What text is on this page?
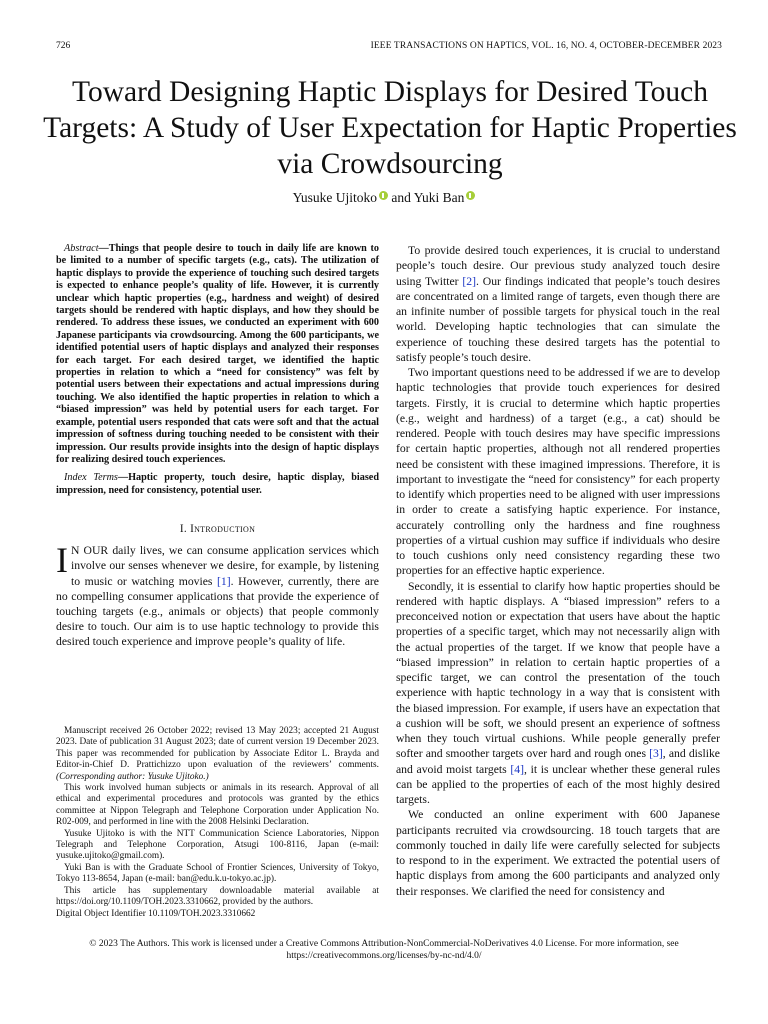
726	IEEE TRANSACTIONS ON HAPTICS, VOL. 16, NO. 4, OCTOBER-DECEMBER 2023
Toward Designing Haptic Displays for Desired Touch Targets: A Study of User Expectation for Haptic Properties via Crowdsourcing
Yusuke Ujitoko and Yuki Ban

Abstract—Things that people desire to touch in daily life are known to be limited to a number of specific targets (e.g., cats). The utilization of haptic displays to provide the experience of touching such desired targets is expected to enhance people’s quality of life. However, it is currently unclear which haptic properties (e.g., hardness and weight) of desired targets should be rendered with haptic displays, and how they should be rendered. To address these issues, we conducted an experiment with 600 Japanese participants via crowdsourcing. Among the 600 participants, we identified potential users of haptic displays and analyzed their responses for each target. For each desired target, we identified the haptic properties in relation to which a “need for consistency” was felt by potential users between their expectations and actual impressions during touching. We also identified the haptic properties in relation to which a “biased impression” was held by potential users for each target. For example, potential users responded that cats were soft and that the actual impression of softness during touching needed to be consistent with their impression. Our results provide insights into the design of haptic displays for realizing desired touch experiences.

Index Terms—Haptic property, touch desire, haptic display, biased impression, need for consistency, potential user.

I. Introduction

I N OUR daily lives, we can consume application services which involve our senses whenever we desire, for example, by listening to music or watching movies [1]. However, currently, there are no compelling consumer applications that provide the experience of touching targets (e.g., animals or objects) that people commonly desire to touch. Our aim is to use haptic technology to provide this desired touch experience and improve people’s quality of life.

Manuscript received 26 October 2022; revised 13 May 2023; accepted 21 August 2023. Date of publication 31 August 2023; date of current version 19 December 2023. This paper was recommended for publication by Associate Editor L. Brayda and Editor-in-Chief D. Prattichizzo upon evaluation of the reviewers’ comments. (Corresponding author: Yusuke Ujitoko.)

This work involved human subjects or animals in its research. Approval of all ethical and experimental procedures and protocols was granted by the ethics committee at Nippon Telegraph and Telephone Corporation under Application No. R02-009, and performed in line with the 2008 Helsinki Declaration.

Yusuke Ujitoko is with the NTT Communication Science Laboratories, Nippon Telegraph and Telephone Corporation, Atsugi 100-8116, Japan (e-mail: yusuke.ujitoko@gmail.com).

Yuki Ban is with the Graduate School of Frontier Sciences, University of Tokyo, Tokyo 113-8654, Japan (e-mail: ban@edu.k.u-tokyo.ac.jp).

This article has supplementary downloadable material available at https://doi.org/10.1109/TOH.2023.3310662, provided by the authors.

Digital Object Identifier 10.1109/TOH.2023.3310662

To provide desired touch experiences, it is crucial to understand people’s touch desire. Our previous study analyzed touch desire using Twitter [2]. Our findings indicated that people’s touch desires are concentrated on a limited range of targets, even though there are an infinite number of possible targets for physical touch in the real world. Developing haptic technologies that can simulate the experience of touching these desired targets has the potential to satisfy people’s touch desire.

Two important questions need to be addressed if we are to develop haptic technologies that provide touch experiences for desired targets. Firstly, it is crucial to determine which haptic properties (e.g., weight and hardness) of a target (e.g., a cat) should be rendered. People with touch desires may have specific impressions for certain haptic properties, although not all rendered properties need be consistent with these imagined impressions. Therefore, it is important to investigate the “need for consistency” for each property to identify which properties need to be aligned with user impressions in order to create a satisfying haptic experience. For instance, accurately controlling only the hardness and fine roughness properties of a virtual cushion may suffice if individuals who desire to touch cushions only need consistency regarding these two properties for an effective haptic experience.

Secondly, it is essential to clarify how haptic properties should be rendered with haptic displays. A “biased impression” refers to a preconceived notion or expectation that users have about the haptic properties of a specific target, which may not necessarily align with the actual properties of the target. If we know that people have a “biased impression” in relation to certain haptic properties of a specific target, we can control the presentation of the touch experience with haptic technology in a way that is consistent with the biased impression. For example, if users have an expectation that a cushion will be soft, we should present an experience of softness when they touch virtual cushions. While people generally prefer softer and smoother targets over hard and rough ones [3], and dislike and avoid moist targets [4], it is unclear whether these general rules can be applied to the properties of each of the most highly desired targets.

We conducted an online experiment with 600 Japanese participants recruited via crowdsourcing. 18 touch targets that are commonly touched in daily life were carefully selected for subjects to respond to in the experiment. We extracted the potential users of haptic displays from among the 600 participants and analyzed only their responses. We clarified the need for consistency and

© 2023 The Authors. This work is licensed under a Creative Commons Attribution-NonCommercial-NoDerivatives 4.0 License. For more information, see
https://creativecommons.org/licenses/by-nc-nd/4.0/
